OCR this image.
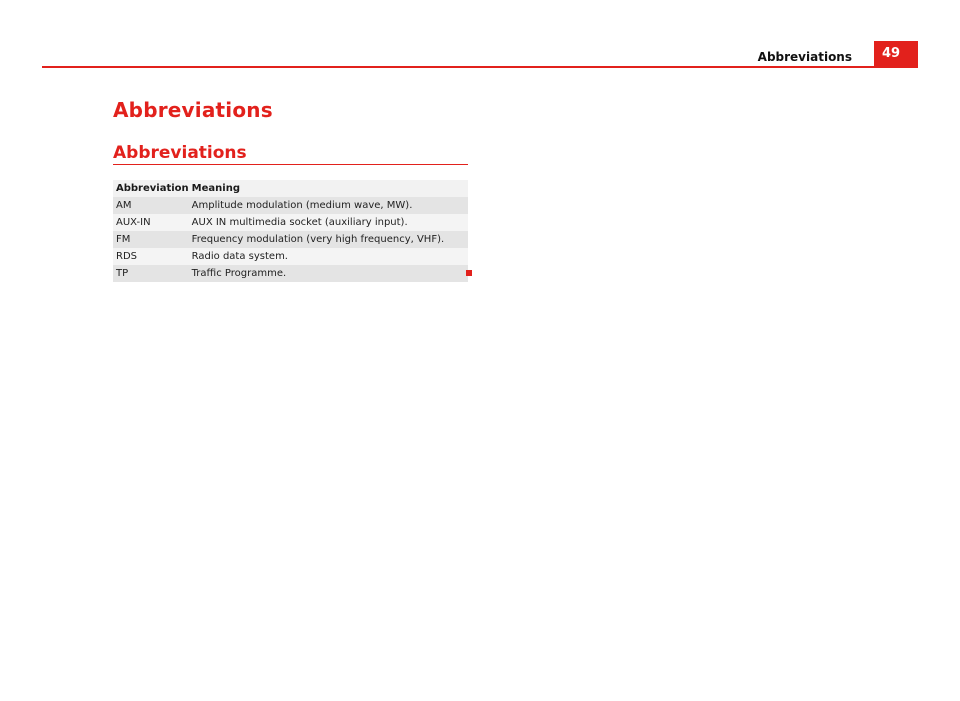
Abbreviations	49
Abbreviations
Abbreviations
Abbreviation	Meaning
AM	Amplitude modulation (medium wave, MW).
AUX-IN	AUX IN multimedia socket (auxiliary input).
FM	Frequency modulation (very high frequency, VHF).
RDS	Radio data system.
TP	Traffic Programme.
